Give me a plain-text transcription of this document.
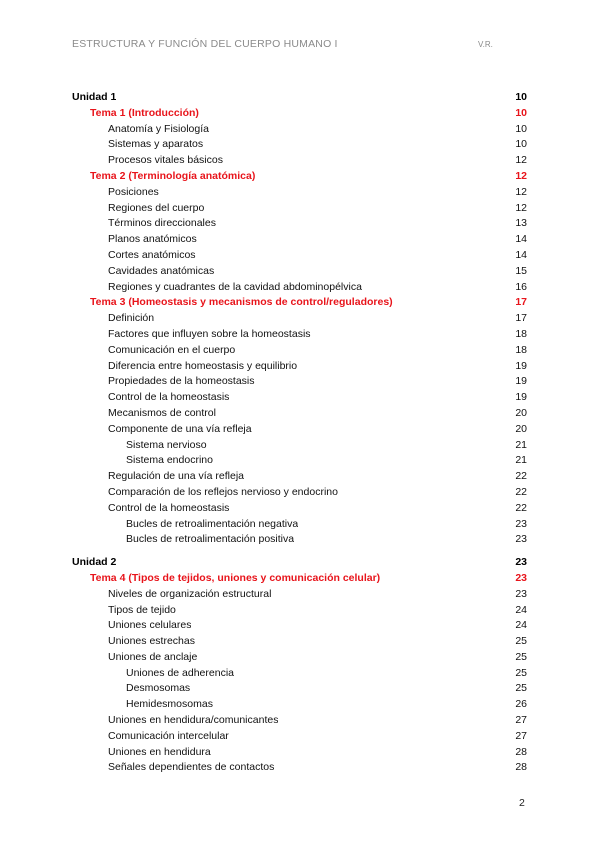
ESTRUCTURA Y FUNCIÓN DEL CUERPO HUMANO I	V.R.
Unidad 1	10
Tema 1 (Introducción)	10
Anatomía y Fisiología	10
Sistemas y aparatos	10
Procesos vitales básicos	12
Tema 2 (Terminología anatómica)	12
Posiciones	12
Regiones del cuerpo	12
Términos direccionales	13
Planos anatómicos	14
Cortes anatómicos	14
Cavidades anatómicas	15
Regiones y cuadrantes de la cavidad abdominopélvica	16
Tema 3 (Homeostasis y mecanismos de control/reguladores)	17
Definición	17
Factores que influyen sobre la homeostasis	18
Comunicación en el cuerpo	18
Diferencia entre homeostasis y equilibrio	19
Propiedades de la homeostasis	19
Control de la homeostasis	19
Mecanismos de control	20
Componente de una vía refleja	20
Sistema nervioso	21
Sistema endocrino	21
Regulación de una vía refleja	22
Comparación de los reflejos nervioso y endocrino	22
Control de la homeostasis	22
Bucles de retroalimentación negativa	23
Bucles de retroalimentación positiva	23
Unidad 2	23
Tema 4 (Tipos de tejidos, uniones y comunicación celular)	23
Niveles de organización estructural	23
Tipos de tejido	24
Uniones celulares	24
Uniones estrechas	25
Uniones de anclaje	25
Uniones de adherencia	25
Desmosomas	25
Hemidesmosomas	26
Uniones en hendidura/comunicantes	27
Comunicación intercelular	27
Uniones en hendidura	28
Señales dependientes de contactos	28
2
